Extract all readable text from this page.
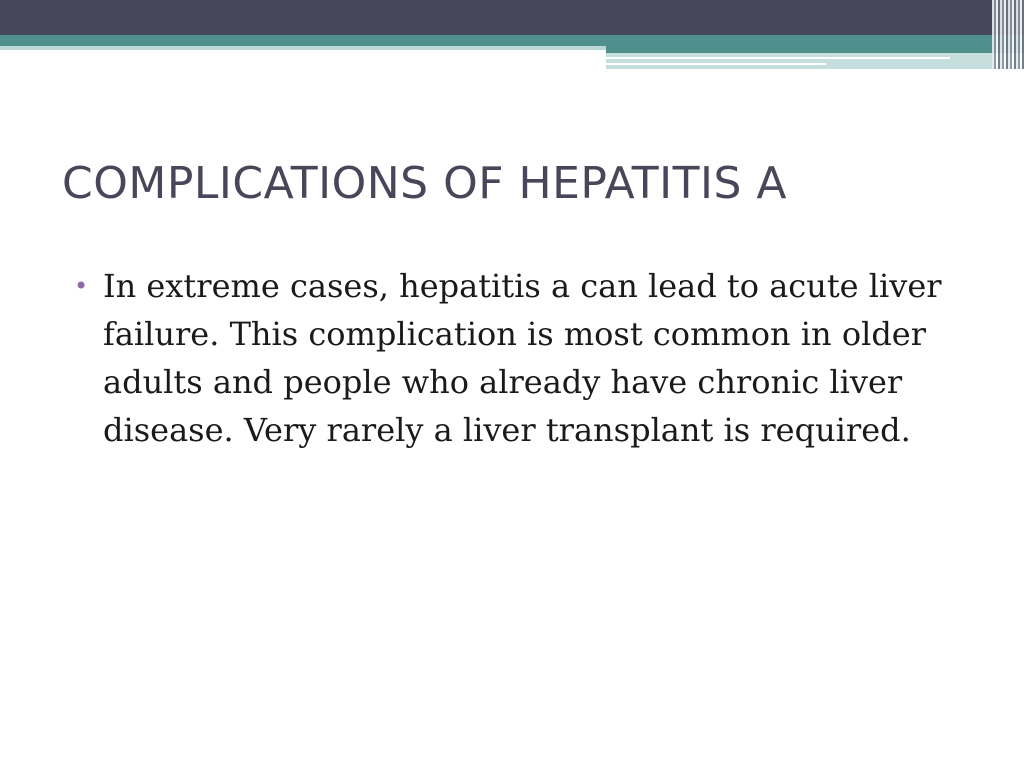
COMPLICATIONS OF HEPATITIS A
• In extreme cases, hepatitis a can lead to acute liver failure. This complication is most common in older adults and people who already have chronic liver disease. Very rarely a liver transplant is required.
